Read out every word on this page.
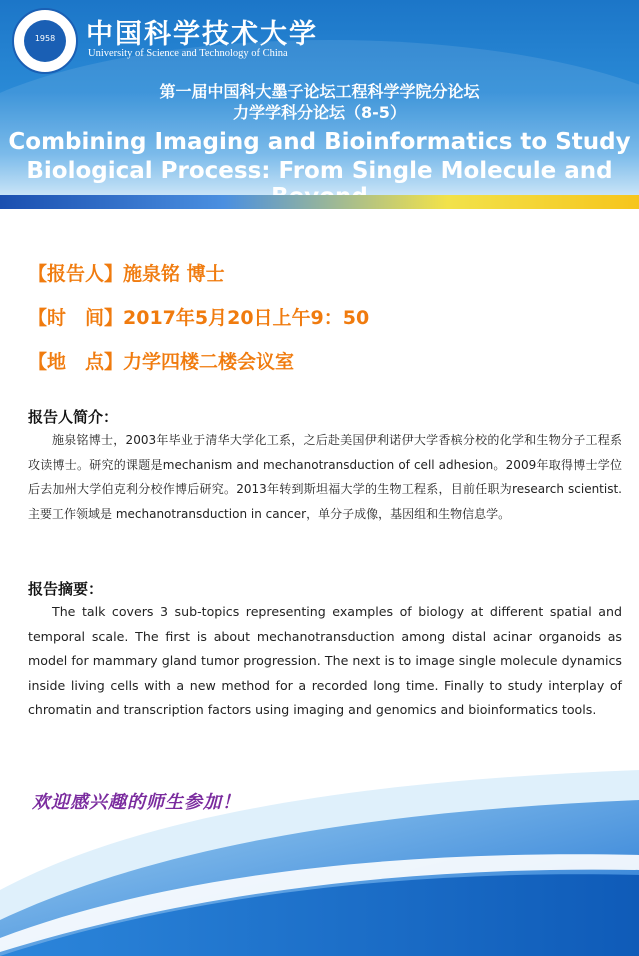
1958	中国科学技术大学
University of Science and Technology of China
第一届中国科大墨子论坛工程科学学院分论坛
力学学科分论坛（8-5）
Combining Imaging and Bioinformatics to Study
Biological Process: From Single Molecule and
【报告人】施泉铭 博士
【时　间】2017年5月20日上午9：50
【地　点】力学四楼二楼会议室
报告人简介：
施泉铭博士，2003年毕业于清华大学化工系，之后赴美国伊利诺伊大学香槟分校的化学和生物分子工程系攻读博士。研究的课题是mechanism and mechanotransduction of cell adhesion。2009年取得博士学位后去加州大学伯克利分校作博后研究。2013年转到斯坦福大学的生物工程系，目前任职为research scientist. 主要工作领域是 mechanotransduction in cancer，单分子成像，基因组和生物信息学。
报告摘要：
The talk covers 3 sub-topics representing examples of biology at different spatial and temporal scale. The first is about mechanotransduction among distal acinar organoids as model for mammary gland tumor progression. The next is to image single molecule dynamics inside living cells with a new method for a recorded long time. Finally to study interplay of chromatin and transcription factors using imaging and genomics and bioinformatics tools.
欢迎感兴趣的师生参加！
